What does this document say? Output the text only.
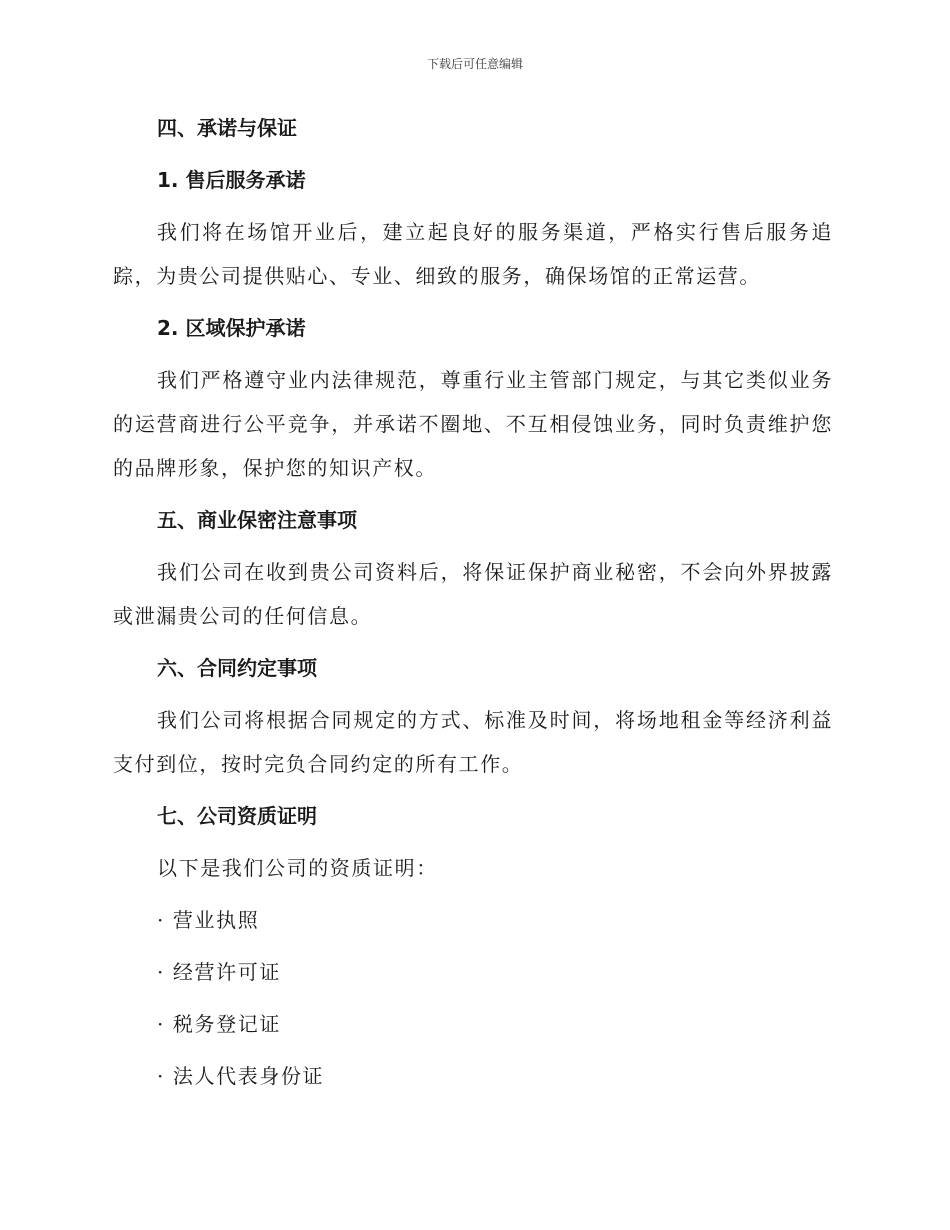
下载后可任意编辑
四、承诺与保证
1. 售后服务承诺
我们将在场馆开业后，建立起良好的服务渠道，严格实行售后服务追踪，为贵公司提供贴心、专业、细致的服务，确保场馆的正常运营。
2. 区域保护承诺
我们严格遵守业内法律规范，尊重行业主管部门规定，与其它类似业务的运营商进行公平竞争，并承诺不圈地、不互相侵蚀业务，同时负责维护您的品牌形象，保护您的知识产权。
五、商业保密注意事项
我们公司在收到贵公司资料后，将保证保护商业秘密，不会向外界披露或泄漏贵公司的任何信息。
六、合同约定事项
我们公司将根据合同规定的方式、标准及时间，将场地租金等经济利益支付到位，按时完负合同约定的所有工作。
七、公司资质证明
以下是我们公司的资质证明：
· 营业执照
· 经营许可证
· 税务登记证
· 法人代表身份证
